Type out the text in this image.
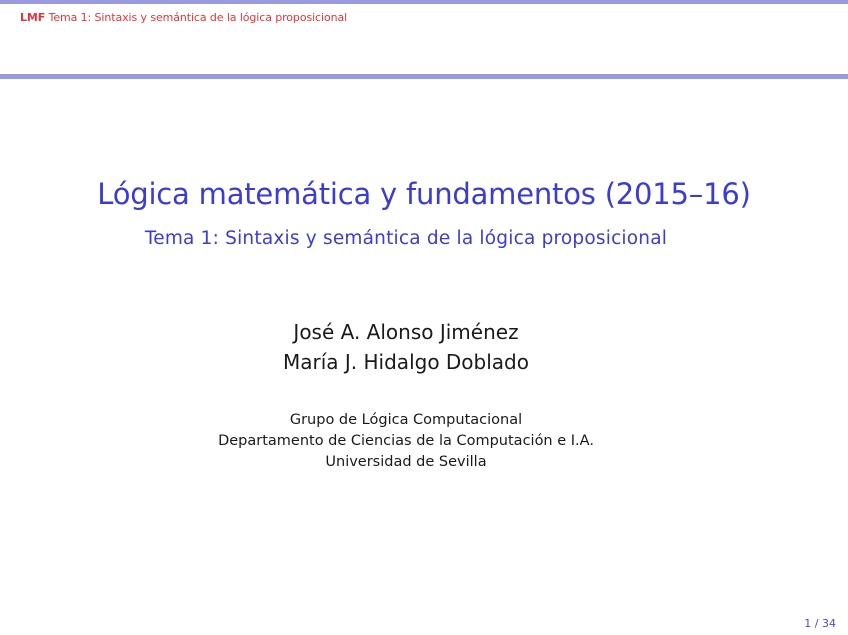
LMF Tema 1: Sintaxis y semántica de la lógica proposicional
Lógica matemática y fundamentos (2015–16)
Tema 1: Sintaxis y semántica de la lógica proposicional
José A. Alonso Jiménez
María J. Hidalgo Doblado
Grupo de Lógica Computacional
Departamento de Ciencias de la Computación e I.A.
Universidad de Sevilla
1 / 34
